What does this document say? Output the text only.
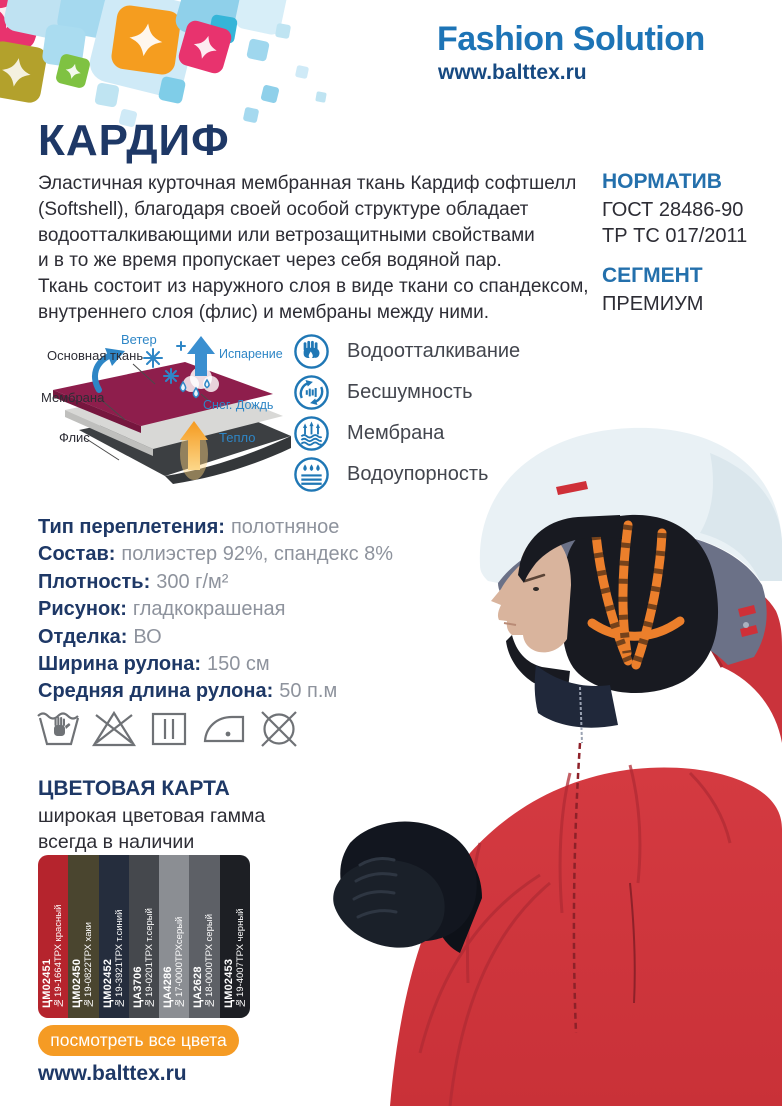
Fashion Solution
www.balttex.ru
КАРДИФ
Эластичная курточная мембранная ткань Кардиф софтшелл
(Softshell), благодаря своей особой структуре обладает
водоотталкивающими или ветрозащитными свойствами
и в то же время пропускает через себя водяной пар.
Ткань состоит из наружного слоя в виде ткани со спандексом,
внутреннего слоя (флис) и мембраны между ними.
НОРМАТИВ
ГОСТ 28486-90
ТР ТС 017/2011
СЕГМЕНТ
ПРЕМИУМ
Ветер
Основная ткань	Испарение
Мембрана	Снег. Дождь
Флис	Тепло
Водоотталкивание
Бесшумность
Мембрана
Водоупорность
Тип переплетения: полотняное
Состав: полиэстер 92%, спандекс 8%
Плотность: 300 г/м²
Рисунок: гладкокрашеная
Отделка: ВО
Ширина рулона: 150 см
Средняя длина рулона: 50 п.м
ЦВЕТОВАЯ КАРТА
широкая цветовая гамма
всегда в наличии
ЦМ02451 №19-1664ТРХ красный ЦМ02450 №19-0822ТРХ хаки ЦМ02452 №19-3921ТРХ т.синий ЦА3706 №19-0201ТРХ т.серый ЦА4286 №17-0000ТРХсерый ЦА2628 №18-0000ТРХ серый ЦМ02453 №19-4007ТРХ черный
посмотреть все цвета
www.balttex.ru
